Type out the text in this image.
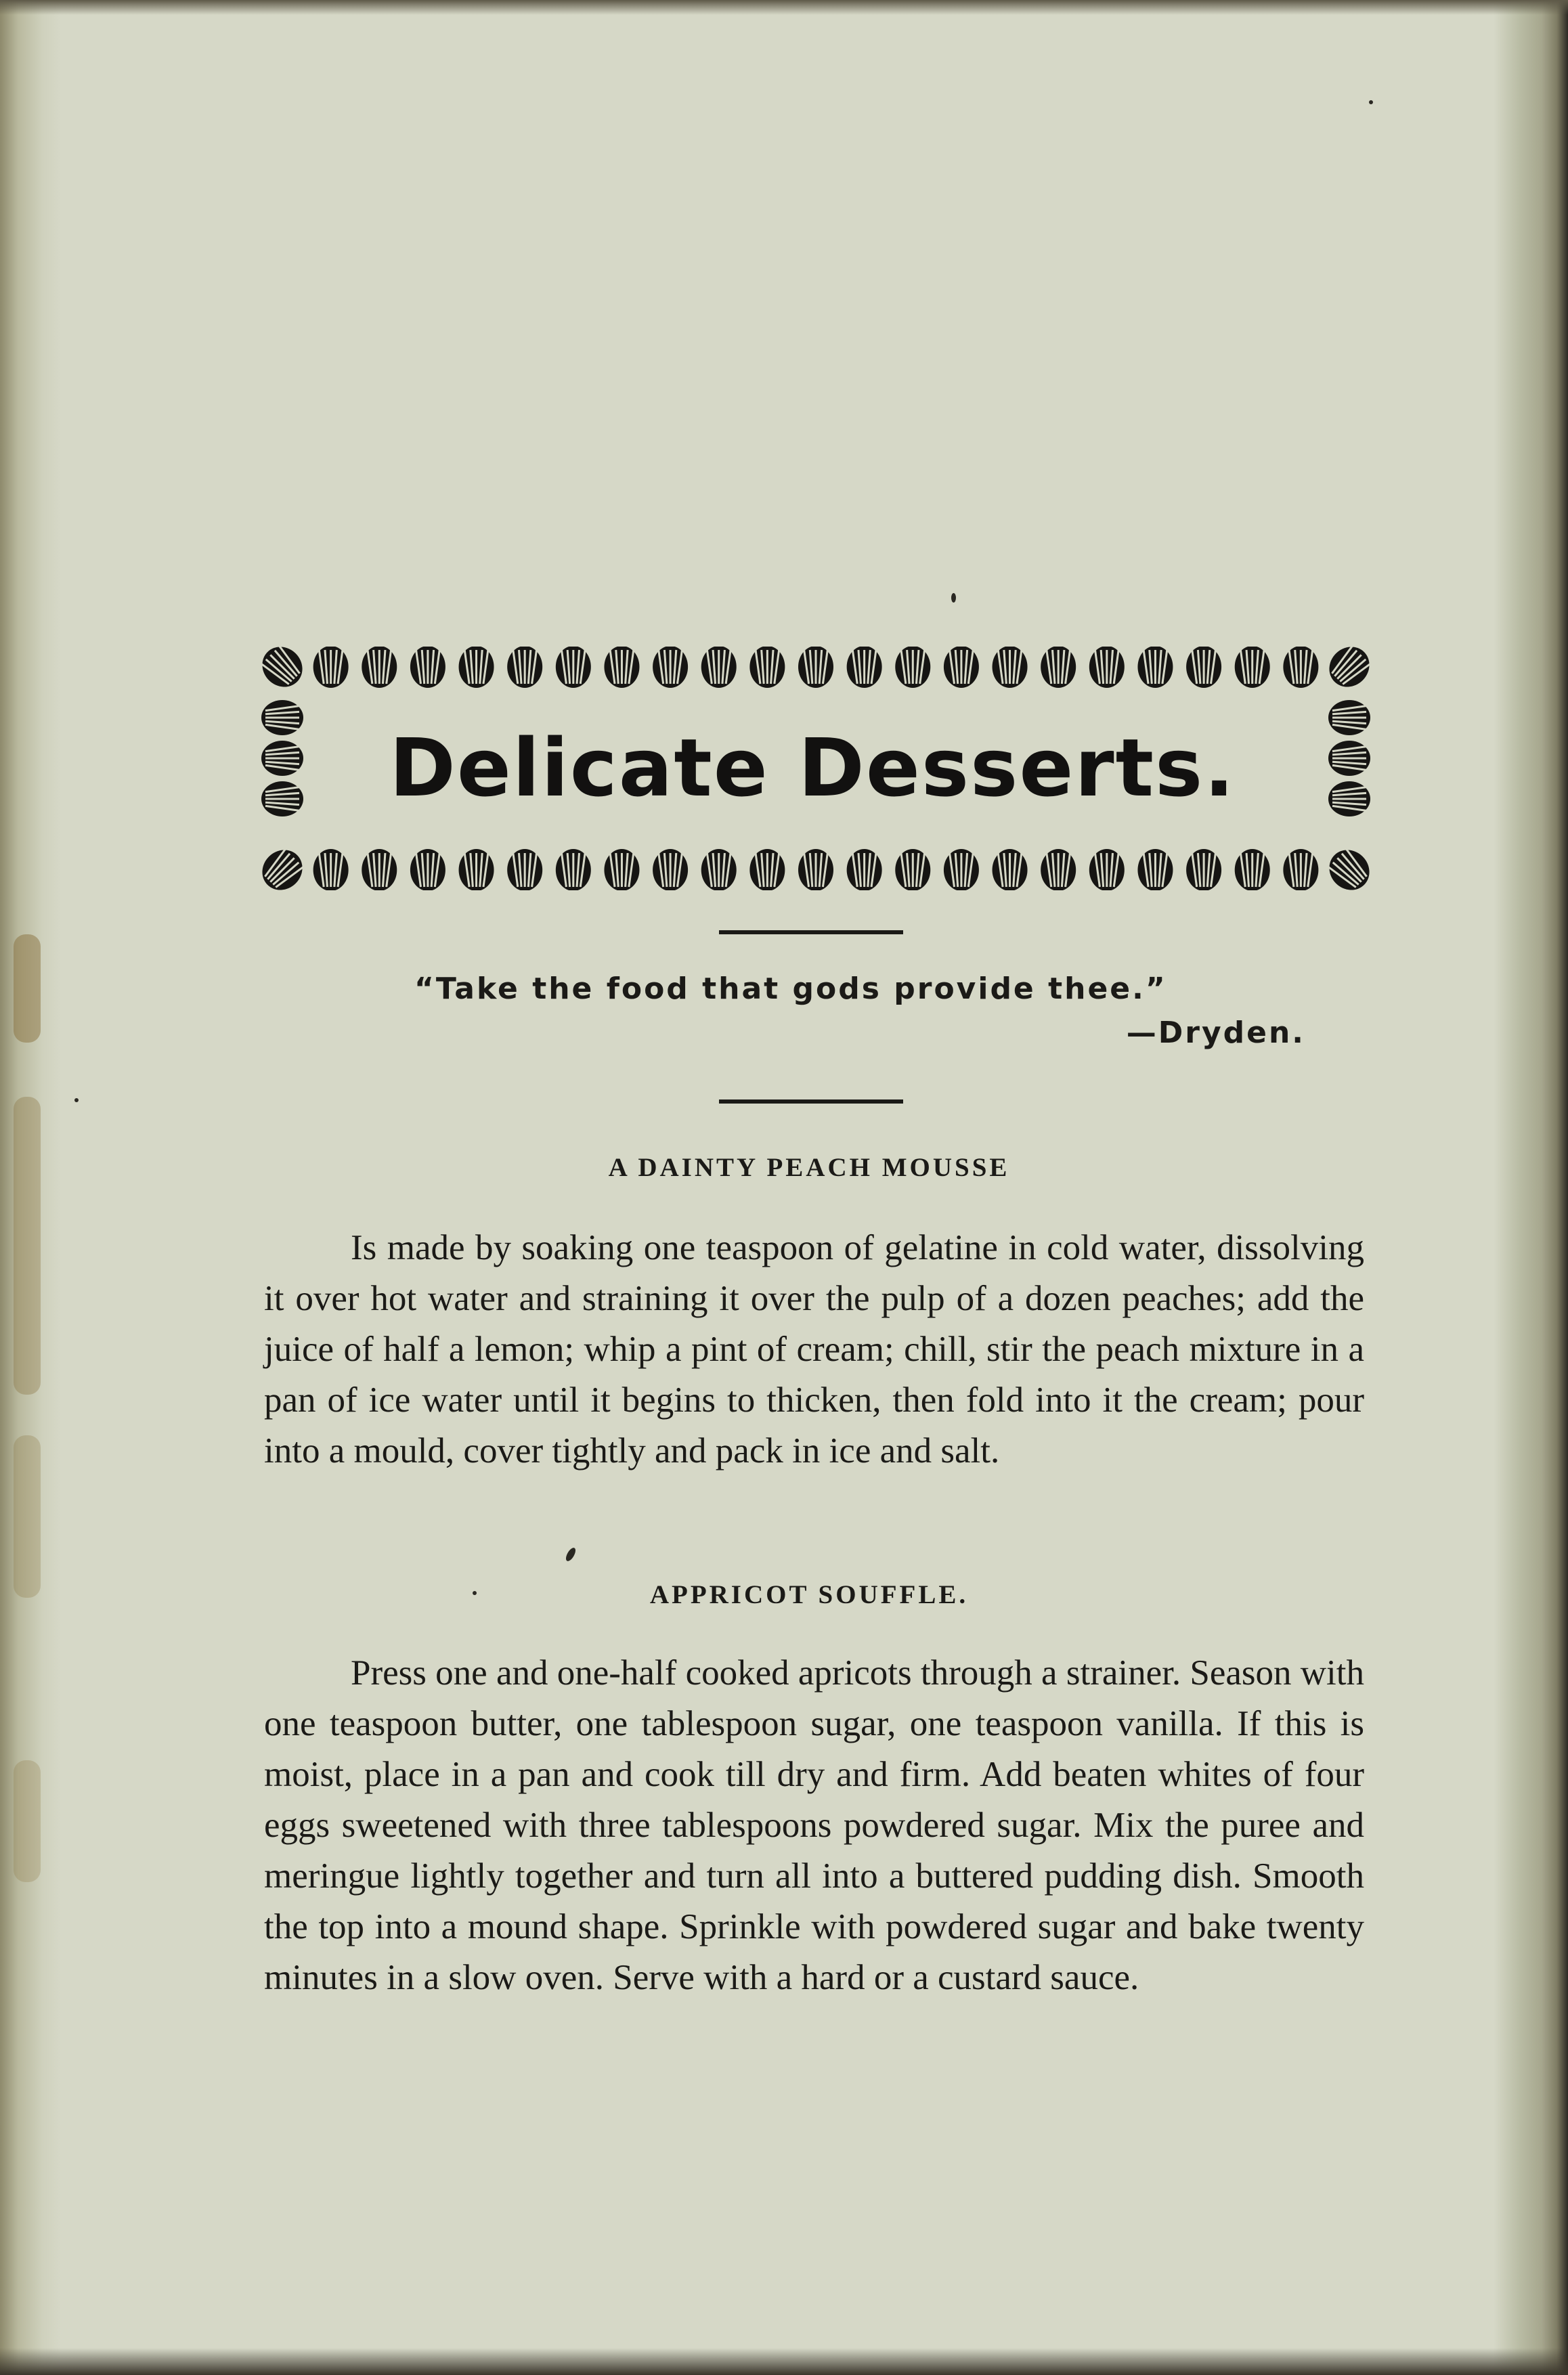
Delicate Desserts.

“Take the food that gods provide thee.”

—Dryden.

A DAINTY PEACH MOUSSE

Is made by soaking one teaspoon of gelatine in cold water, dissolving it over hot water and straining it over the pulp of a dozen peaches; add the juice of half a lemon; whip a pint of cream; chill, stir the peach mixture in a pan of ice water until it begins to thicken, then fold into it the cream; pour into a mould, cover tightly and pack in ice and salt.

APPRICOT SOUFFLE.

Press one and one-half cooked apricots through a strainer. Season with one teaspoon butter, one tablespoon sugar, one teaspoon vanilla. If this is moist, place in a pan and cook till dry and firm. Add beaten whites of four eggs sweetened with three tablespoons powdered sugar. Mix the puree and meringue lightly together and turn all into a buttered pudding dish. Smooth the top into a mound shape. Sprinkle with powdered sugar and bake twenty minutes in a slow oven. Serve with a hard or a custard sauce.
